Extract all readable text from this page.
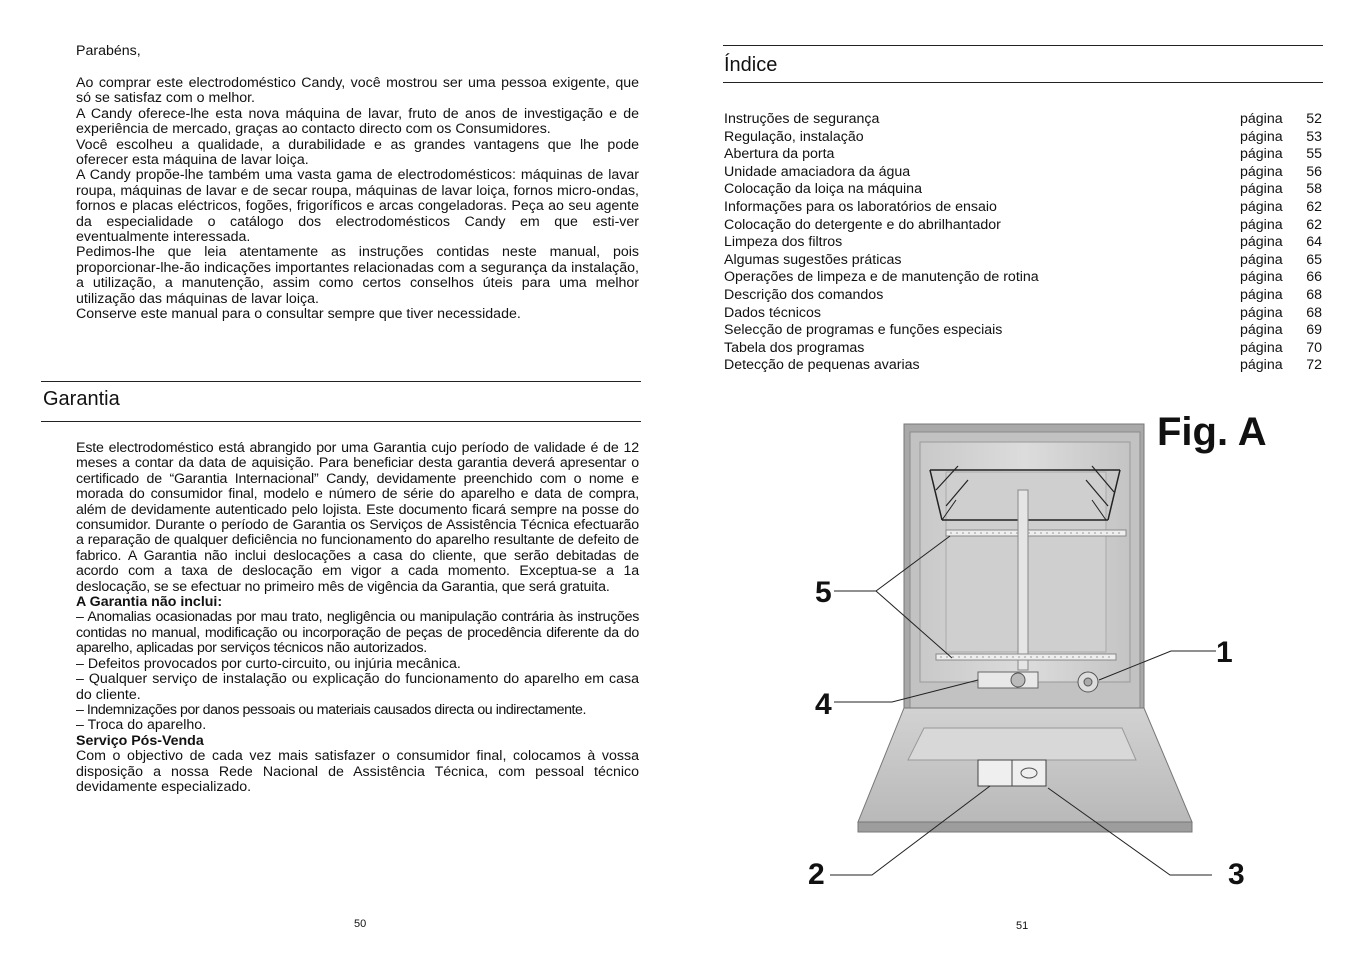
Parabéns,

Ao comprar este electrodoméstico Candy, você mostrou ser uma pessoa exigente, que só se satisfaz com o melhor.

A Candy oferece-lhe esta nova máquina de lavar, fruto de anos de investigação e de experiência de mercado, graças ao contacto directo com os Consumidores.

Você escolheu a qualidade, a durabilidade e as grandes vantagens que lhe pode oferecer esta máquina de lavar loiça.

A Candy propõe-lhe também uma vasta gama de electrodomésticos: máquinas de lavar roupa, máquinas de lavar e de secar roupa, máquinas de lavar loiça, fornos micro-ondas, fornos e placas eléctricos, fogões, frigoríficos e arcas congeladoras. Peça ao seu agente da especialidade o catálogo dos electrodomésticos Candy em que esti-ver eventualmente interessada.

Pedimos-lhe que leia atentamente as instruções contidas neste manual, pois proporcionar-lhe-ão indicações importantes relacionadas com a segurança da instalação, a utilização, a manutenção, assim como certos conselhos úteis para uma melhor utilização das máquinas de lavar loiça.

Conserve este manual para o consultar sempre que tiver necessidade.

Garantia

Este electrodoméstico está abrangido por uma Garantia cujo período de validade é de 12 meses a contar da data de aquisição. Para beneficiar desta garantia deverá apresentar o certificado de “Garantia Internacional” Candy, devidamente preenchido com o nome e morada do consumidor final, modelo e número de série do aparelho e data de compra, além de devidamente autenticado pelo lojista. Este documento ficará sempre na posse do consumidor. Durante o período de Garantia os Serviços de Assistência Técnica efectuarão a reparação de qualquer deficiência no funcionamento do aparelho resultante de defeito de fabrico. A Garantia não inclui deslocações a casa do cliente, que serão debitadas de acordo com a taxa de deslocação em vigor a cada momento. Exceptua-se a 1a deslocação, se se efectuar no primeiro mês de vigência da Garantia, que será gratuita.

A Garantia não inclui:

– Anomalias ocasionadas por mau trato, negligência ou manipulação contrária às instruções contidas no manual, modificação ou incorporação de peças de procedência diferente da do aparelho, aplicadas por serviços técnicos não autorizados.

– Defeitos provocados por curto-circuito, ou injúria mecânica.

– Qualquer serviço de instalação ou explicação do funcionamento do aparelho em casa do cliente.

– Indemnizações por danos pessoais ou materiais causados directa ou indirectamente.

– Troca do aparelho.

Serviço Pós-Venda

Com o objectivo de cada vez mais satisfazer o consumidor final, colocamos à vossa disposição a nossa Rede Nacional de Assistência Técnica, com pessoal técnico devidamente especializado.

50
Índice
Instruções de segurança	página 52
Regulação, instalação	página 53
Abertura da porta	página 55
Unidade amaciadora da água	página 56
Colocação da loiça na máquina	página 58
Informações para os laboratórios de ensaio	página 62
Colocação do detergente e do abrilhantador	página 62
Limpeza dos filtros	página 64
Algumas sugestões práticas	página 65
Operações de limpeza e de manutenção de rotina	página 66
Descrição dos comandos	página 68
Dados técnicos	página 68
Selecção de programas e funções especiais	página 69
Tabela dos programas	página 70
Detecção de pequenas avarias	página 72
Fig. A
1
2	3
4
5
51
